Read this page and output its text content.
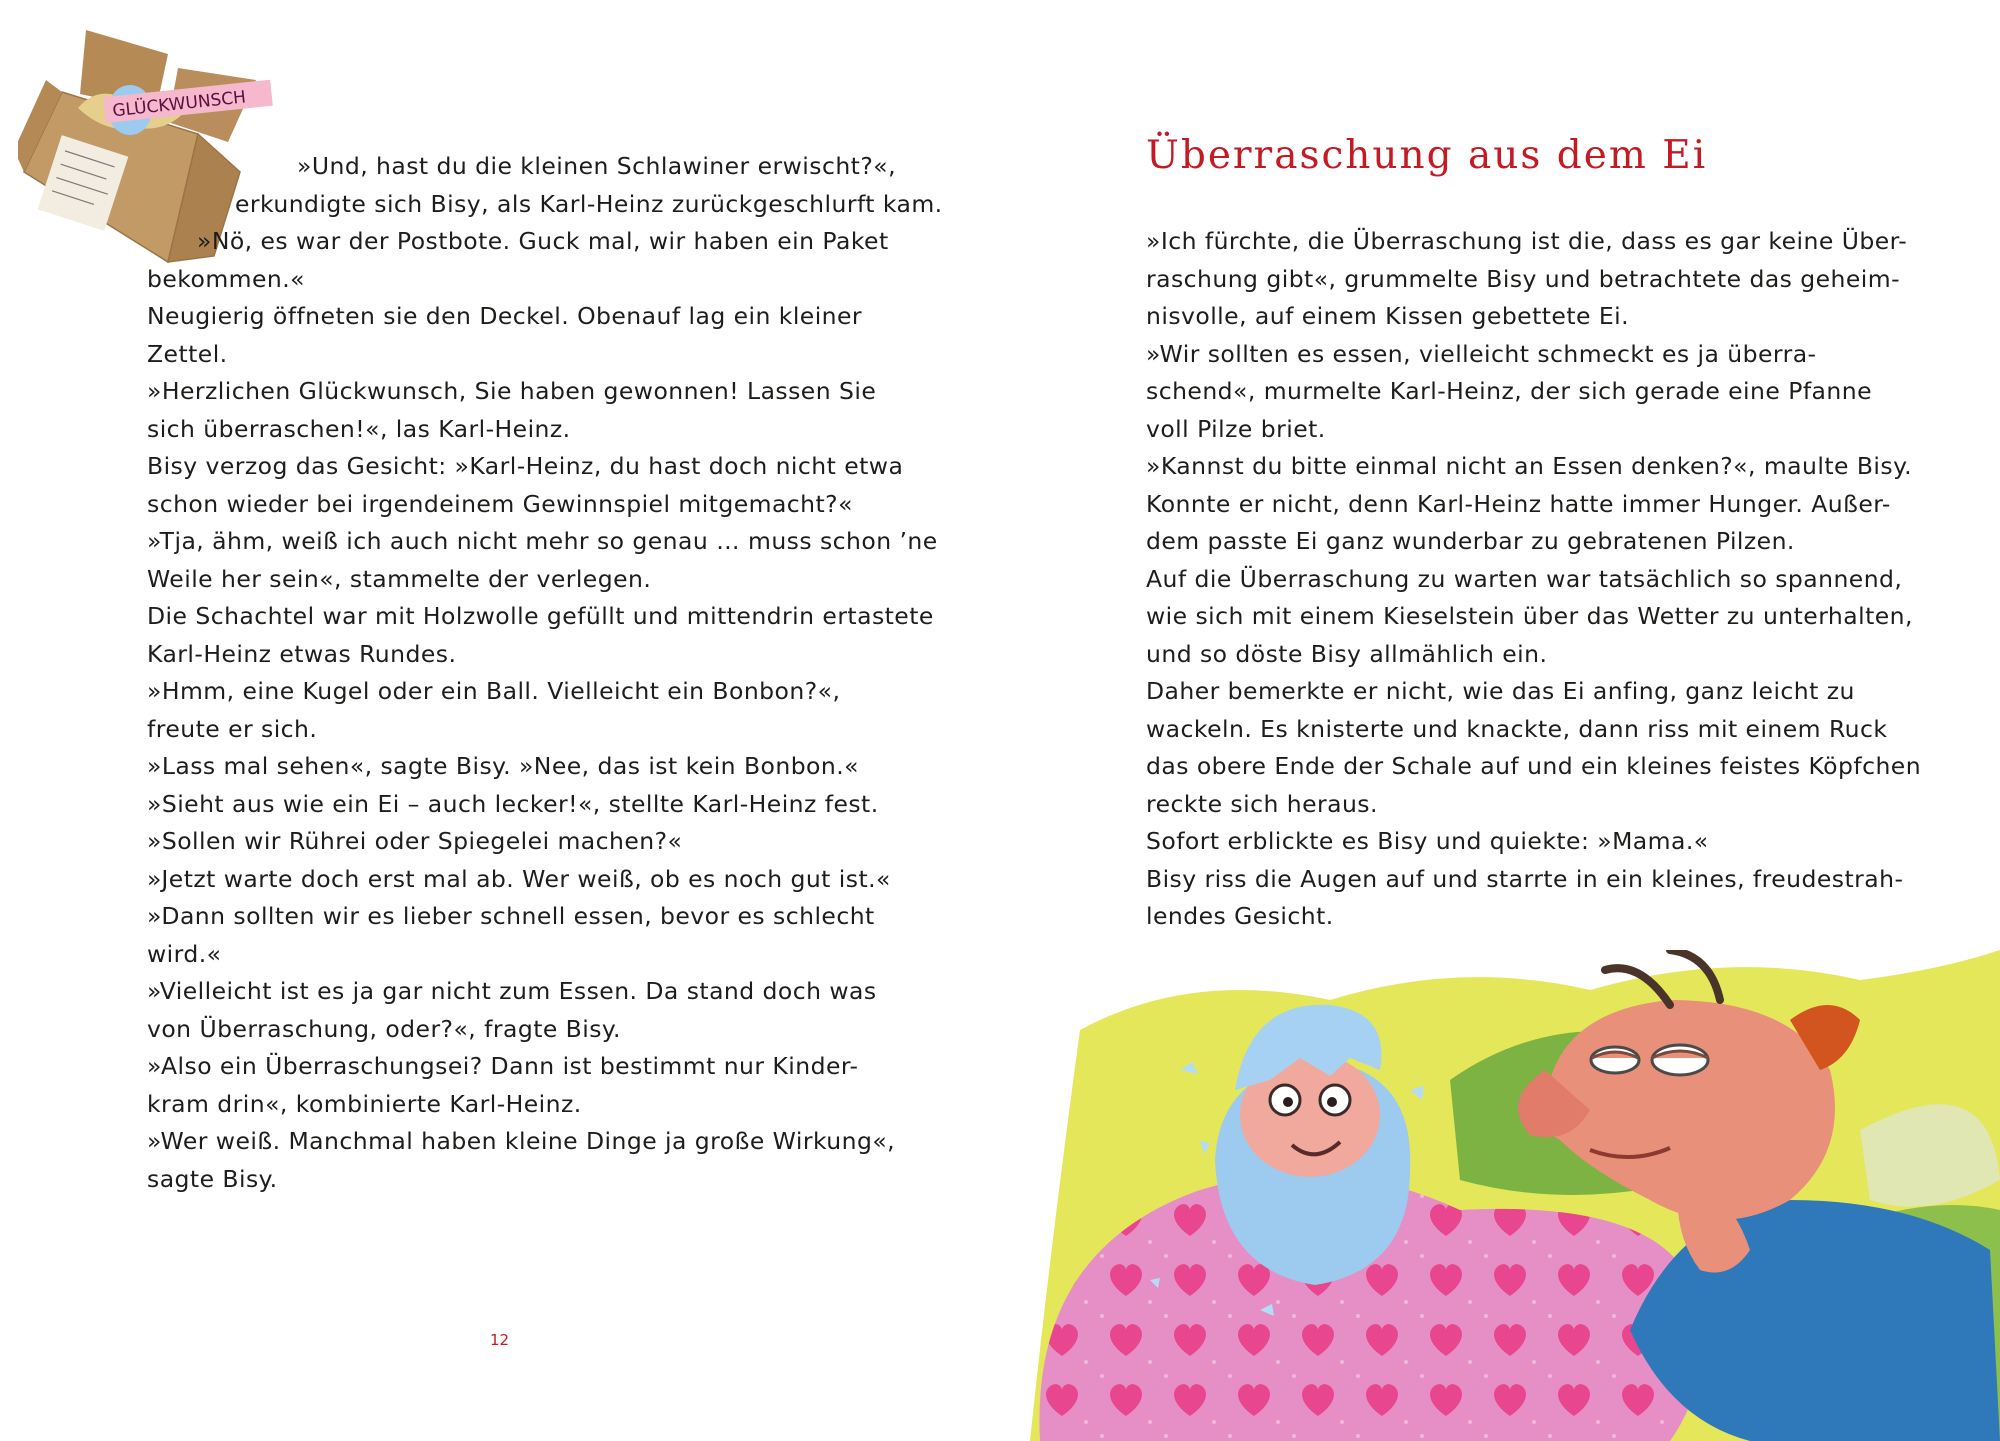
GLÜCKWUNSCH
»Und, hast du die kleinen Schlawiner erwischt?«,
erkundigte sich Bisy, als Karl-Heinz zurückgeschlurft kam.
»Nö, es war der Postbote. Guck mal, wir haben ein Paket
bekommen.«
Neugierig öffneten sie den Deckel. Obenauf lag ein kleiner
Zettel.
»Herzlichen Glückwunsch, Sie haben gewonnen! Lassen Sie
sich überraschen!«, las Karl-Heinz.
Bisy verzog das Gesicht: »Karl-Heinz, du hast doch nicht etwa
schon wieder bei irgendeinem Gewinnspiel mitgemacht?«
»Tja, ähm, weiß ich auch nicht mehr so genau … muss schon ’ne
Weile her sein«, stammelte der verlegen.
Die Schachtel war mit Holzwolle gefüllt und mittendrin ertastete
Karl-Heinz etwas Rundes.
»Hmm, eine Kugel oder ein Ball. Vielleicht ein Bonbon?«,
freute er sich.
»Lass mal sehen«, sagte Bisy. »Nee, das ist kein Bonbon.«
»Sieht aus wie ein Ei – auch lecker!«, stellte Karl-Heinz fest.
»Sollen wir Rührei oder Spiegelei machen?«
»Jetzt warte doch erst mal ab. Wer weiß, ob es noch gut ist.«
»Dann sollten wir es lieber schnell essen, bevor es schlecht
wird.«
»Vielleicht ist es ja gar nicht zum Essen. Da stand doch was
von Überraschung, oder?«, fragte Bisy.
»Also ein Überraschungsei? Dann ist bestimmt nur Kinder-
kram drin«, kombinierte Karl-Heinz.
»Wer weiß. Manchmal haben kleine Dinge ja große Wirkung«,
sagte Bisy.
12
Überraschung aus dem Ei
»Ich fürchte, die Überraschung ist die, dass es gar keine Über-
raschung gibt«, grummelte Bisy und betrachtete das geheim-
nisvolle, auf einem Kissen gebettete Ei.
»Wir sollten es essen, vielleicht schmeckt es ja überra-
schend«, murmelte Karl-Heinz, der sich gerade eine Pfanne
voll Pilze briet.
»Kannst du bitte einmal nicht an Essen denken?«, maulte Bisy.
Konnte er nicht, denn Karl-Heinz hatte immer Hunger. Außer-
dem passte Ei ganz wunderbar zu gebratenen Pilzen.
Auf die Überraschung zu warten war tatsächlich so spannend,
wie sich mit einem Kieselstein über das Wetter zu unterhalten,
und so döste Bisy allmählich ein.
Daher bemerkte er nicht, wie das Ei anfing, ganz leicht zu
wackeln. Es knisterte und knackte, dann riss mit einem Ruck
das obere Ende der Schale auf und ein kleines feistes Köpfchen
reckte sich heraus.
Sofort erblickte es Bisy und quiekte: »Mama.«
Bisy riss die Augen auf und starrte in ein kleines, freudestrah-
lendes Gesicht.
